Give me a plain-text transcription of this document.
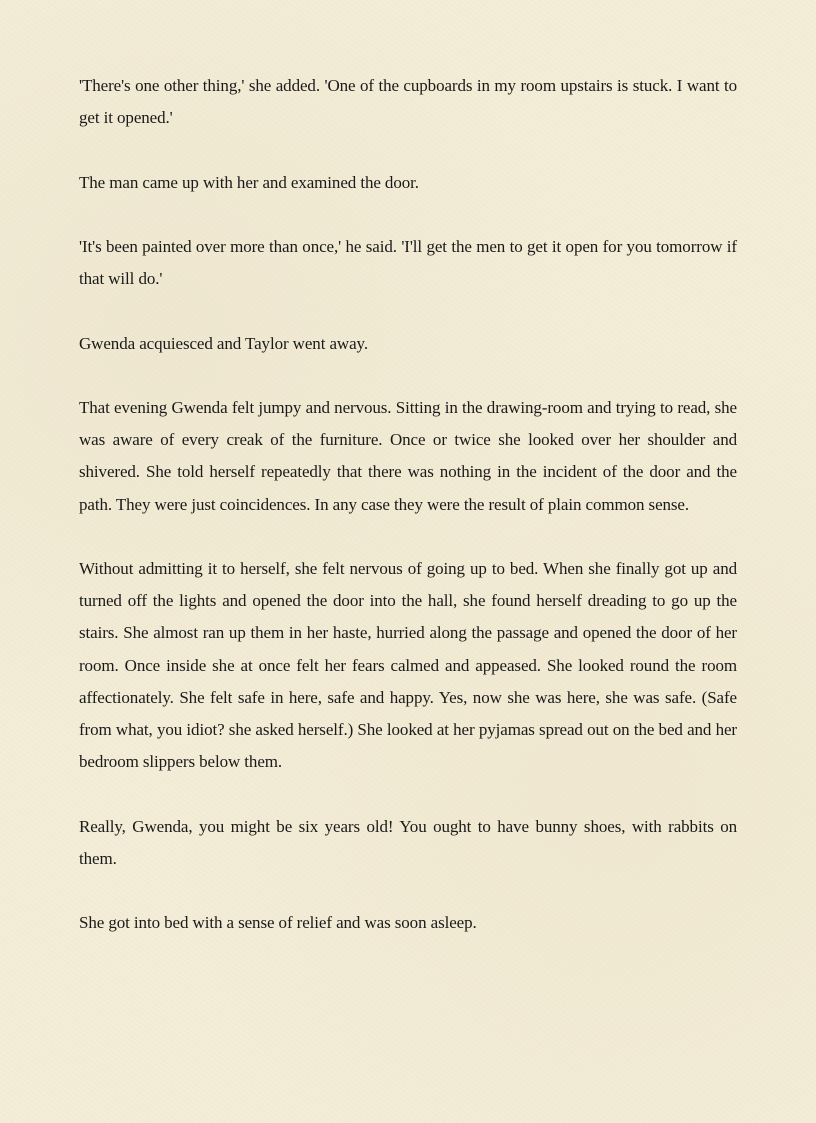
'There's one other thing,' she added. 'One of the cupboards in my room upstairs is stuck. I want to get it opened.'

The man came up with her and examined the door.

'It's been painted over more than once,' he said. 'I'll get the men to get it open for you tomorrow if that will do.'

Gwenda acquiesced and Taylor went away.

That evening Gwenda felt jumpy and nervous. Sitting in the drawing-room and trying to read, she was aware of every creak of the furniture. Once or twice she looked over her shoulder and shivered. She told herself repeatedly that there was nothing in the incident of the door and the path. They were just coincidences. In any case they were the result of plain common sense.

Without admitting it to herself, she felt nervous of going up to bed. When she finally got up and turned off the lights and opened the door into the hall, she found herself dreading to go up the stairs. She almost ran up them in her haste, hurried along the passage and opened the door of her room. Once inside she at once felt her fears calmed and appeased. She looked round the room affectionately. She felt safe in here, safe and happy. Yes, now she was here, she was safe. (Safe from what, you idiot? she asked herself.) She looked at her pyjamas spread out on the bed and her bedroom slippers below them.

Really, Gwenda, you might be six years old! You ought to have bunny shoes, with rabbits on them.

She got into bed with a sense of relief and was soon asleep.
